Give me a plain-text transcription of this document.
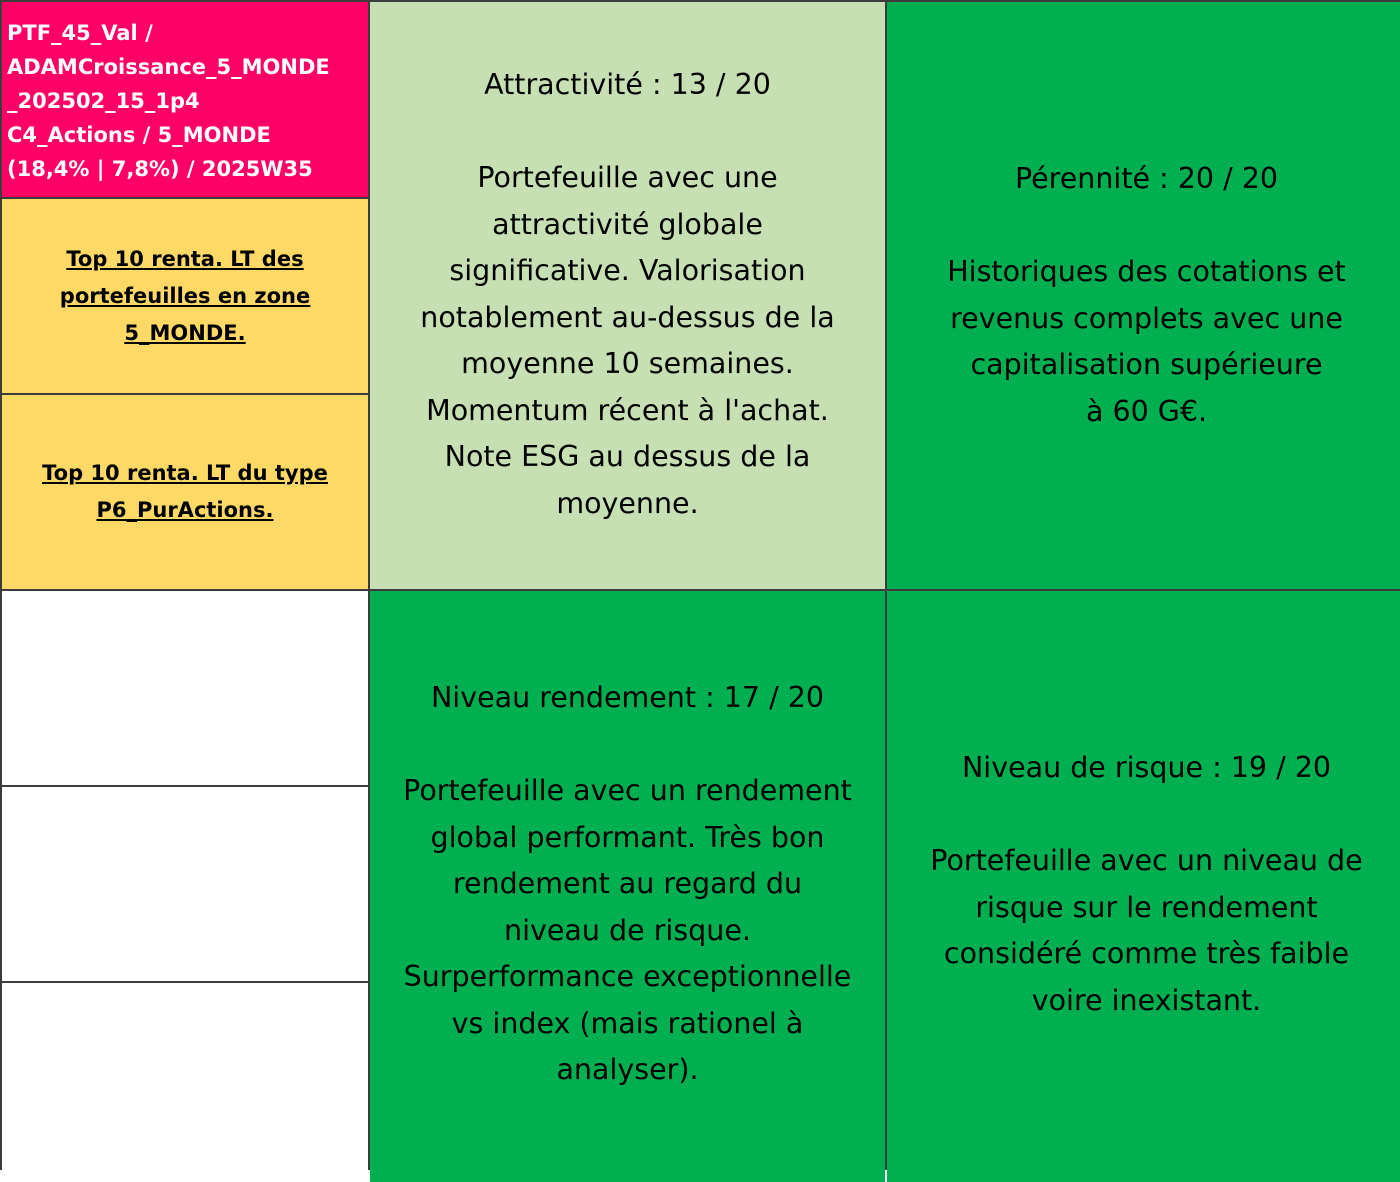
PTF_45_Val /
ADAMCroissance_5_MONDE
_202502_15_1p4
C4_Actions / 5_MONDE
(18,4% | 7,8%) / 2025W35
Top 10 renta. LT des
portefeuilles en zone
5_MONDE.
Top 10 renta. LT du type
P6_PurActions.
Attractivité : 13 / 20
Portefeuille avec une
attractivité globale
significative. Valorisation
notablement au-dessus de la
moyenne 10 semaines.
Momentum récent à l'achat.
Note ESG au dessus de la
moyenne.
Pérennité : 20 / 20
Historiques des cotations et
revenus complets avec une
capitalisation supérieure
à 60 G€.
Niveau rendement : 17 / 20
Portefeuille avec un rendement
global performant. Très bon
rendement au regard du
niveau de risque.
Surperformance exceptionnelle
vs index (mais rationel à
analyser).
Niveau de risque : 19 / 20
Portefeuille avec un niveau de
risque sur le rendement
considéré comme très faible
voire inexistant.
